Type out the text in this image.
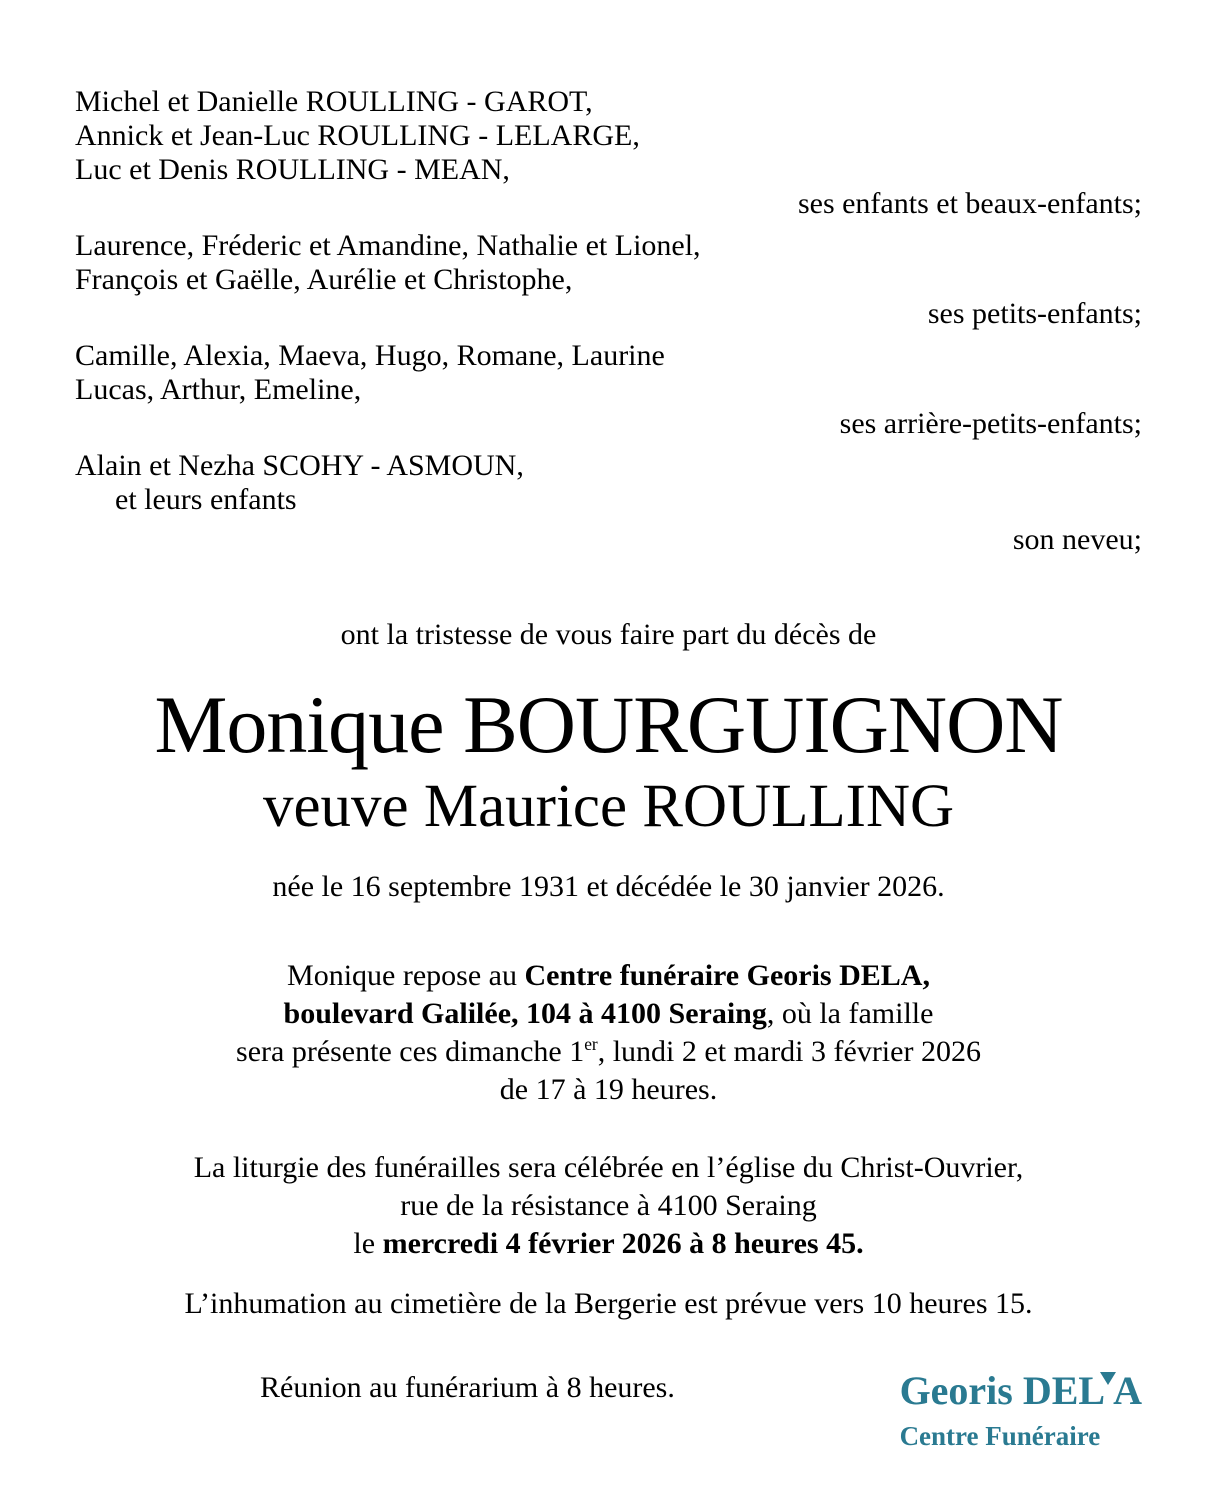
Michel et Danielle ROULLING - GAROT,
Annick et Jean-Luc ROULLING - LELARGE,
Luc et Denis ROULLING - MEAN,
ses enfants et beaux-enfants;
Laurence, Fréderic et Amandine, Nathalie et Lionel,
François et Gaëlle, Aurélie et Christophe,
ses petits-enfants;
Camille, Alexia, Maeva, Hugo, Romane, Laurine
Lucas, Arthur, Emeline,
ses arrière-petits-enfants;
Alain et Nezha SCOHY - ASMOUN,
et leurs enfants
son neveu;

ont la tristesse de vous faire part du décès de

Monique BOURGUIGNON
veuve Maurice ROULLING

née le 16 septembre 1931 et décédée le 30 janvier 2026.

Monique repose au Centre funéraire Georis DELA,
boulevard Galilée, 104 à 4100 Seraing, où la famille
sera présente ces dimanche 1er, lundi 2 et mardi 3 février 2026
de 17 à 19 heures.

La liturgie des funérailles sera célébrée en l’église du Christ-Ouvrier,
rue de la résistance à 4100 Seraing
le mercredi 4 février 2026 à 8 heures 45.

L’inhumation au cimetière de la Bergerie est prévue vers 10 heures 15.

Réunion au funérarium à 8 heures.	Georis DEL A
Centre Funéraire
